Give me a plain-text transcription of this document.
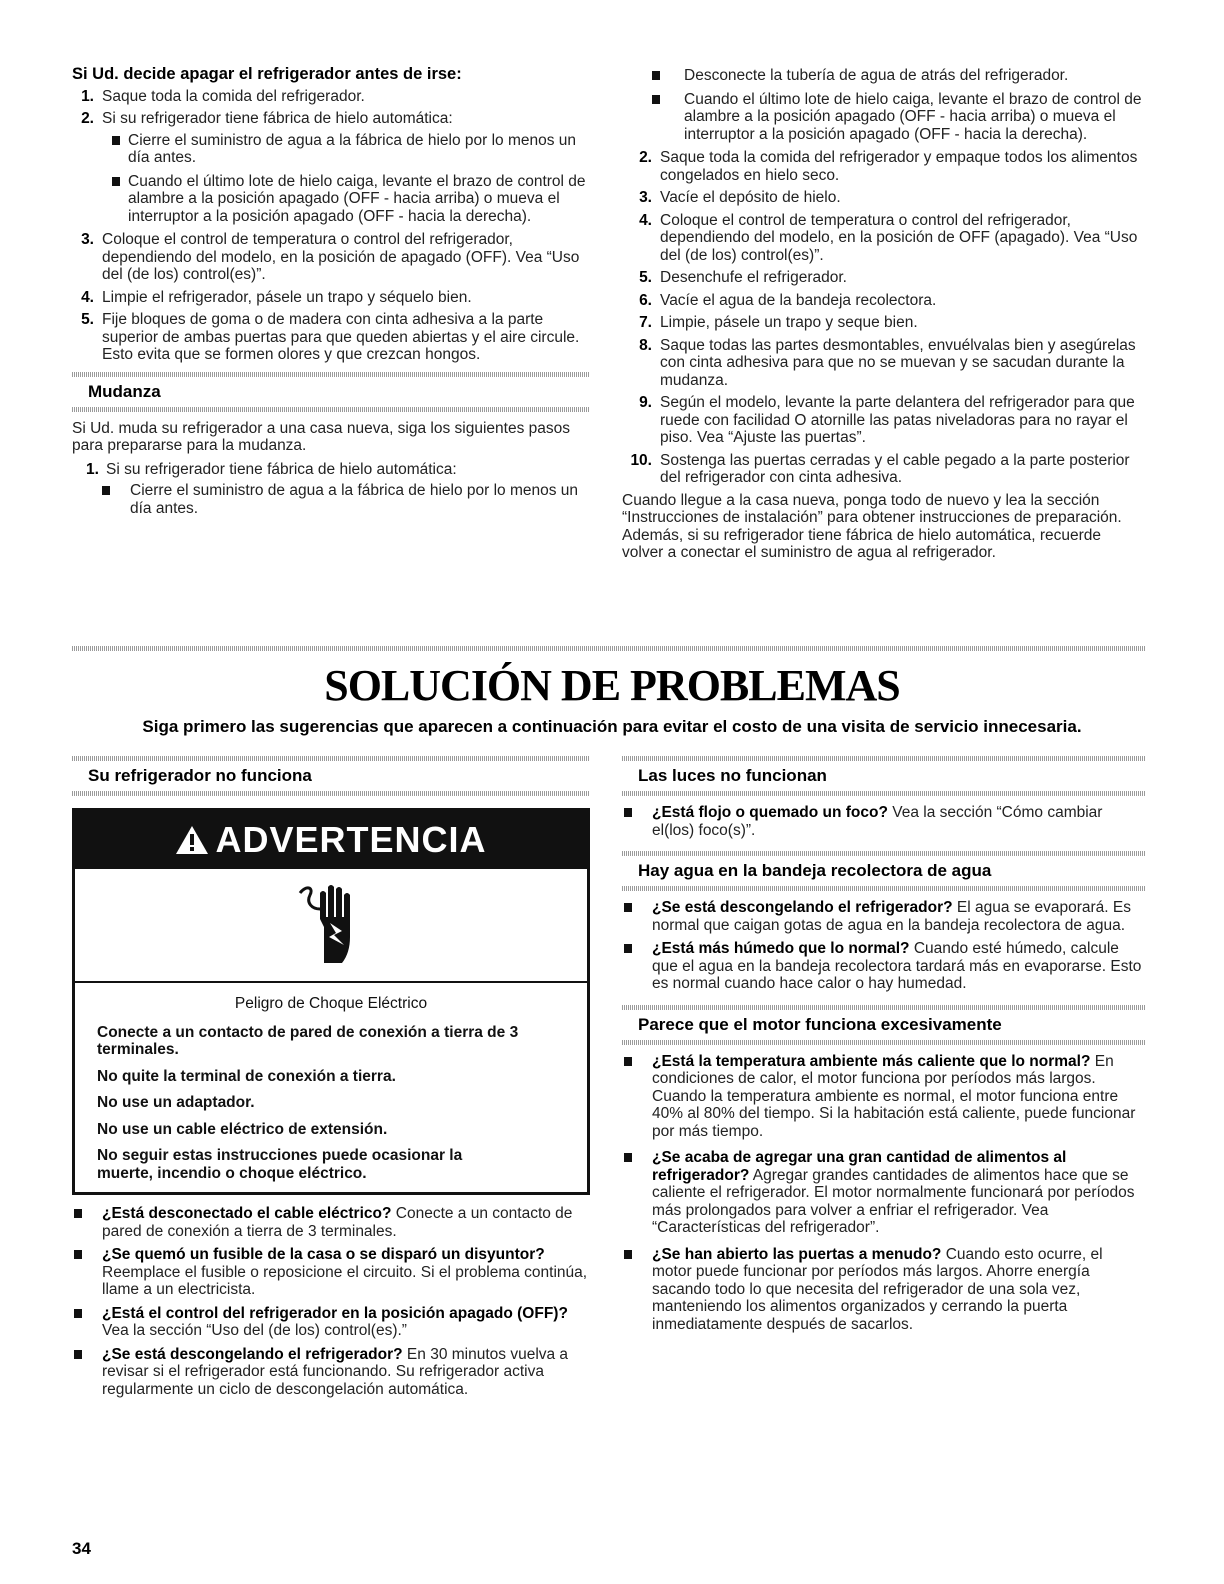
Si Ud. decide apagar el refrigerador antes de irse:

1. Saque toda la comida del refrigerador.
2. Si su refrigerador tiene fábrica de hielo automática:
Cierre el suministro de agua a la fábrica de hielo por lo menos un día antes.
Cuando el último lote de hielo caiga, levante el brazo de control de alambre a la posición apagado (OFF - hacia arriba) o mueva el interruptor a la posición apagado (OFF - hacia la derecha).
3. Coloque el control de temperatura o control del refrigerador, dependiendo del modelo, en la posición de apagado (OFF). Vea “Uso del (de los) control(es)”.
4. Limpie el refrigerador, pásele un trapo y séquelo bien.
5. Fije bloques de goma o de madera con cinta adhesiva a la parte superior de ambas puertas para que queden abiertas y el aire circule. Esto evita que se formen olores y que crezcan hongos.
Mudanza

Si Ud. muda su refrigerador a una casa nueva, siga los siguientes pasos para prepararse para la mudanza.

1. Si su refrigerador tiene fábrica de hielo automática:
Cierre el suministro de agua a la fábrica de hielo por lo menos un día antes.
Desconecte la tubería de agua de atrás del refrigerador.
Cuando el último lote de hielo caiga, levante el brazo de control de alambre a la posición apagado (OFF - hacia arriba) o mueva el interruptor a la posición apagado (OFF - hacia la derecha).
2. Saque toda la comida del refrigerador y empaque todos los alimentos congelados en hielo seco.
3. Vacíe el depósito de hielo.
4. Coloque el control de temperatura o control del refrigerador, dependiendo del modelo, en la posición de OFF (apagado). Vea “Uso del (de los) control(es)”.
5. Desenchufe el refrigerador.
6. Vacíe el agua de la bandeja recolectora.
7. Limpie, pásele un trapo y seque bien.
8. Saque todas las partes desmontables, envuélvalas bien y asegúrelas con cinta adhesiva para que no se muevan y se sacudan durante la mudanza.
9. Según el modelo, levante la parte delantera del refrigerador para que ruede con facilidad O atornille las patas niveladoras para no rayar el piso. Vea “Ajuste las puertas”.
10. Sostenga las puertas cerradas y el cable pegado a la parte posterior del refrigerador con cinta adhesiva.

Cuando llegue a la casa nueva, ponga todo de nuevo y lea la sección “Instrucciones de instalación” para obtener instrucciones de preparación. Además, si su refrigerador tiene fábrica de hielo automática, recuerde volver a conectar el suministro de agua al refrigerador.

SOLUCIÓN DE PROBLEMAS
Siga primero las sugerencias que aparecen a continuación para evitar el costo de una visita de servicio innecesaria.
Su refrigerador no funciona
ADVERTENCIA

Peligro de Choque Eléctrico

Conecte a un contacto de pared de conexión a tierra de 3 terminales.

No quite la terminal de conexión a tierra.

No use un adaptador.

No use un cable eléctrico de extensión.

No seguir estas instrucciones puede ocasionar la muerte, incendio o choque eléctrico.

¿Está desconectado el cable eléctrico? Conecte a un contacto de pared de conexión a tierra de 3 terminales.
¿Se quemó un fusible de la casa o se disparó un disyuntor? Reemplace el fusible o reposicione el circuito. Si el problema continúa, llame a un electricista.
¿Está el control del refrigerador en la posición apagado (OFF)? Vea la sección “Uso del (de los) control(es).”
¿Se está descongelando el refrigerador? En 30 minutos vuelva a revisar si el refrigerador está funcionando. Su refrigerador activa regularmente un ciclo de descongelación automática.
Las luces no funcionan
¿Está flojo o quemado un foco? Vea la sección “Cómo cambiar el(los) foco(s)”.
Hay agua en la bandeja recolectora de agua
¿Se está descongelando el refrigerador? El agua se evaporará. Es normal que caigan gotas de agua en la bandeja recolectora de agua.
¿Está más húmedo que lo normal? Cuando esté húmedo, calcule que el agua en la bandeja recolectora tardará más en evaporarse. Esto es normal cuando hace calor o hay humedad.
Parece que el motor funciona excesivamente
¿Está la temperatura ambiente más caliente que lo normal? En condiciones de calor, el motor funciona por períodos más largos. Cuando la temperatura ambiente es normal, el motor funciona entre 40% al 80% del tiempo. Si la habitación está caliente, puede funcionar por más tiempo.
¿Se acaba de agregar una gran cantidad de alimentos al refrigerador? Agregar grandes cantidades de alimentos hace que se caliente el refrigerador. El motor normalmente funcionará por períodos más prolongados para volver a enfriar el refrigerador. Vea “Características del refrigerador”.
¿Se han abierto las puertas a menudo? Cuando esto ocurre, el motor puede funcionar por períodos más largos. Ahorre energía sacando todo lo que necesita del refrigerador de una sola vez, manteniendo los alimentos organizados y cerrando la puerta inmediatamente después de sacarlos.
34
